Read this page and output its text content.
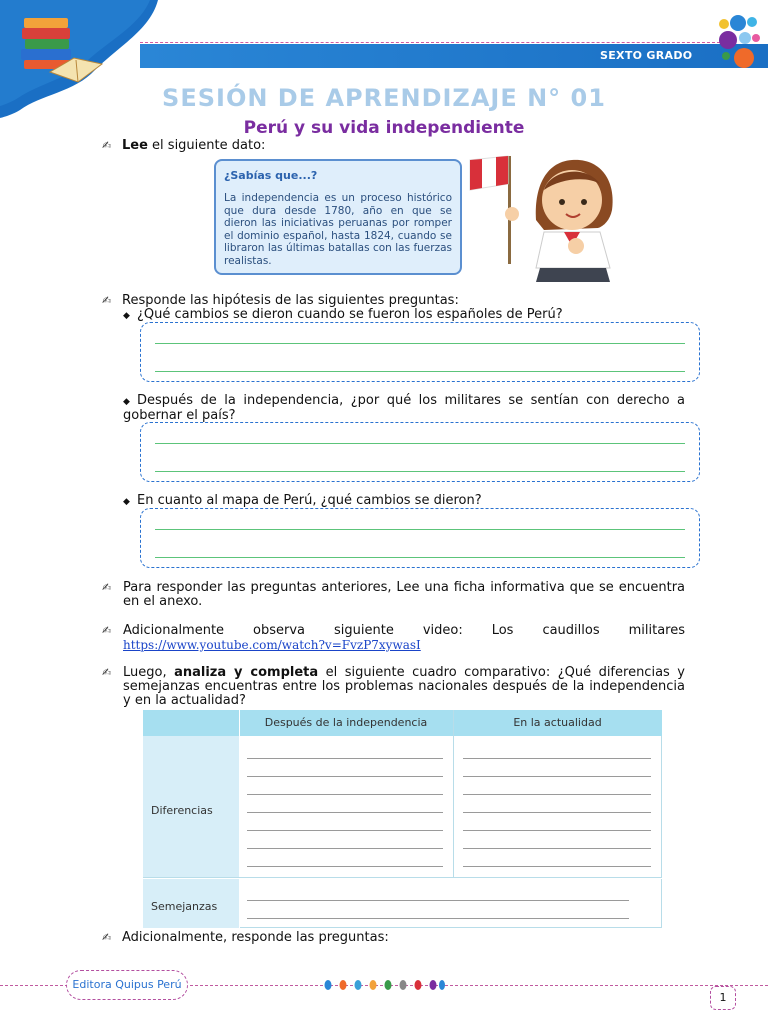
SEXTO GRADO
SESIÓN DE APRENDIZAJE N° 01
Perú y su vida independiente
✍ Lee el siguiente dato:
¿Sabías que...?
La independencia es un proceso histórico que dura desde 1780, año en que se dieron las iniciativas peruanas por romper el dominio español, hasta 1824, cuando se libraron las últimas batallas con las fuerzas realistas.
✍ Responde las hipótesis de las siguientes preguntas:
◆ ¿Qué cambios se dieron cuando se fueron los españoles de Perú?
◆ Después de la independencia, ¿por qué los militares se sentían con derecho a gobernar el país?
◆ En cuanto al mapa de Perú, ¿qué cambios se dieron?
✍ Para responder las preguntas anteriores, Lee una ficha informativa que se encuentra en el anexo.
✍ Adicionalmente observa siguiente video: Los caudillos militares
https://www.youtube.com/watch?v=FvzP7xywasI
✍ Luego, analiza y completa el siguiente cuadro comparativo: ¿Qué diferencias y semejanzas encuentras entre los problemas nacionales después de la independencia y en la actualidad?
Después de la independencia	En la actualidad
Diferencias
Semejanzas
✍ Adicionalmente, responde las preguntas:
Editora Quipus Perú
1
